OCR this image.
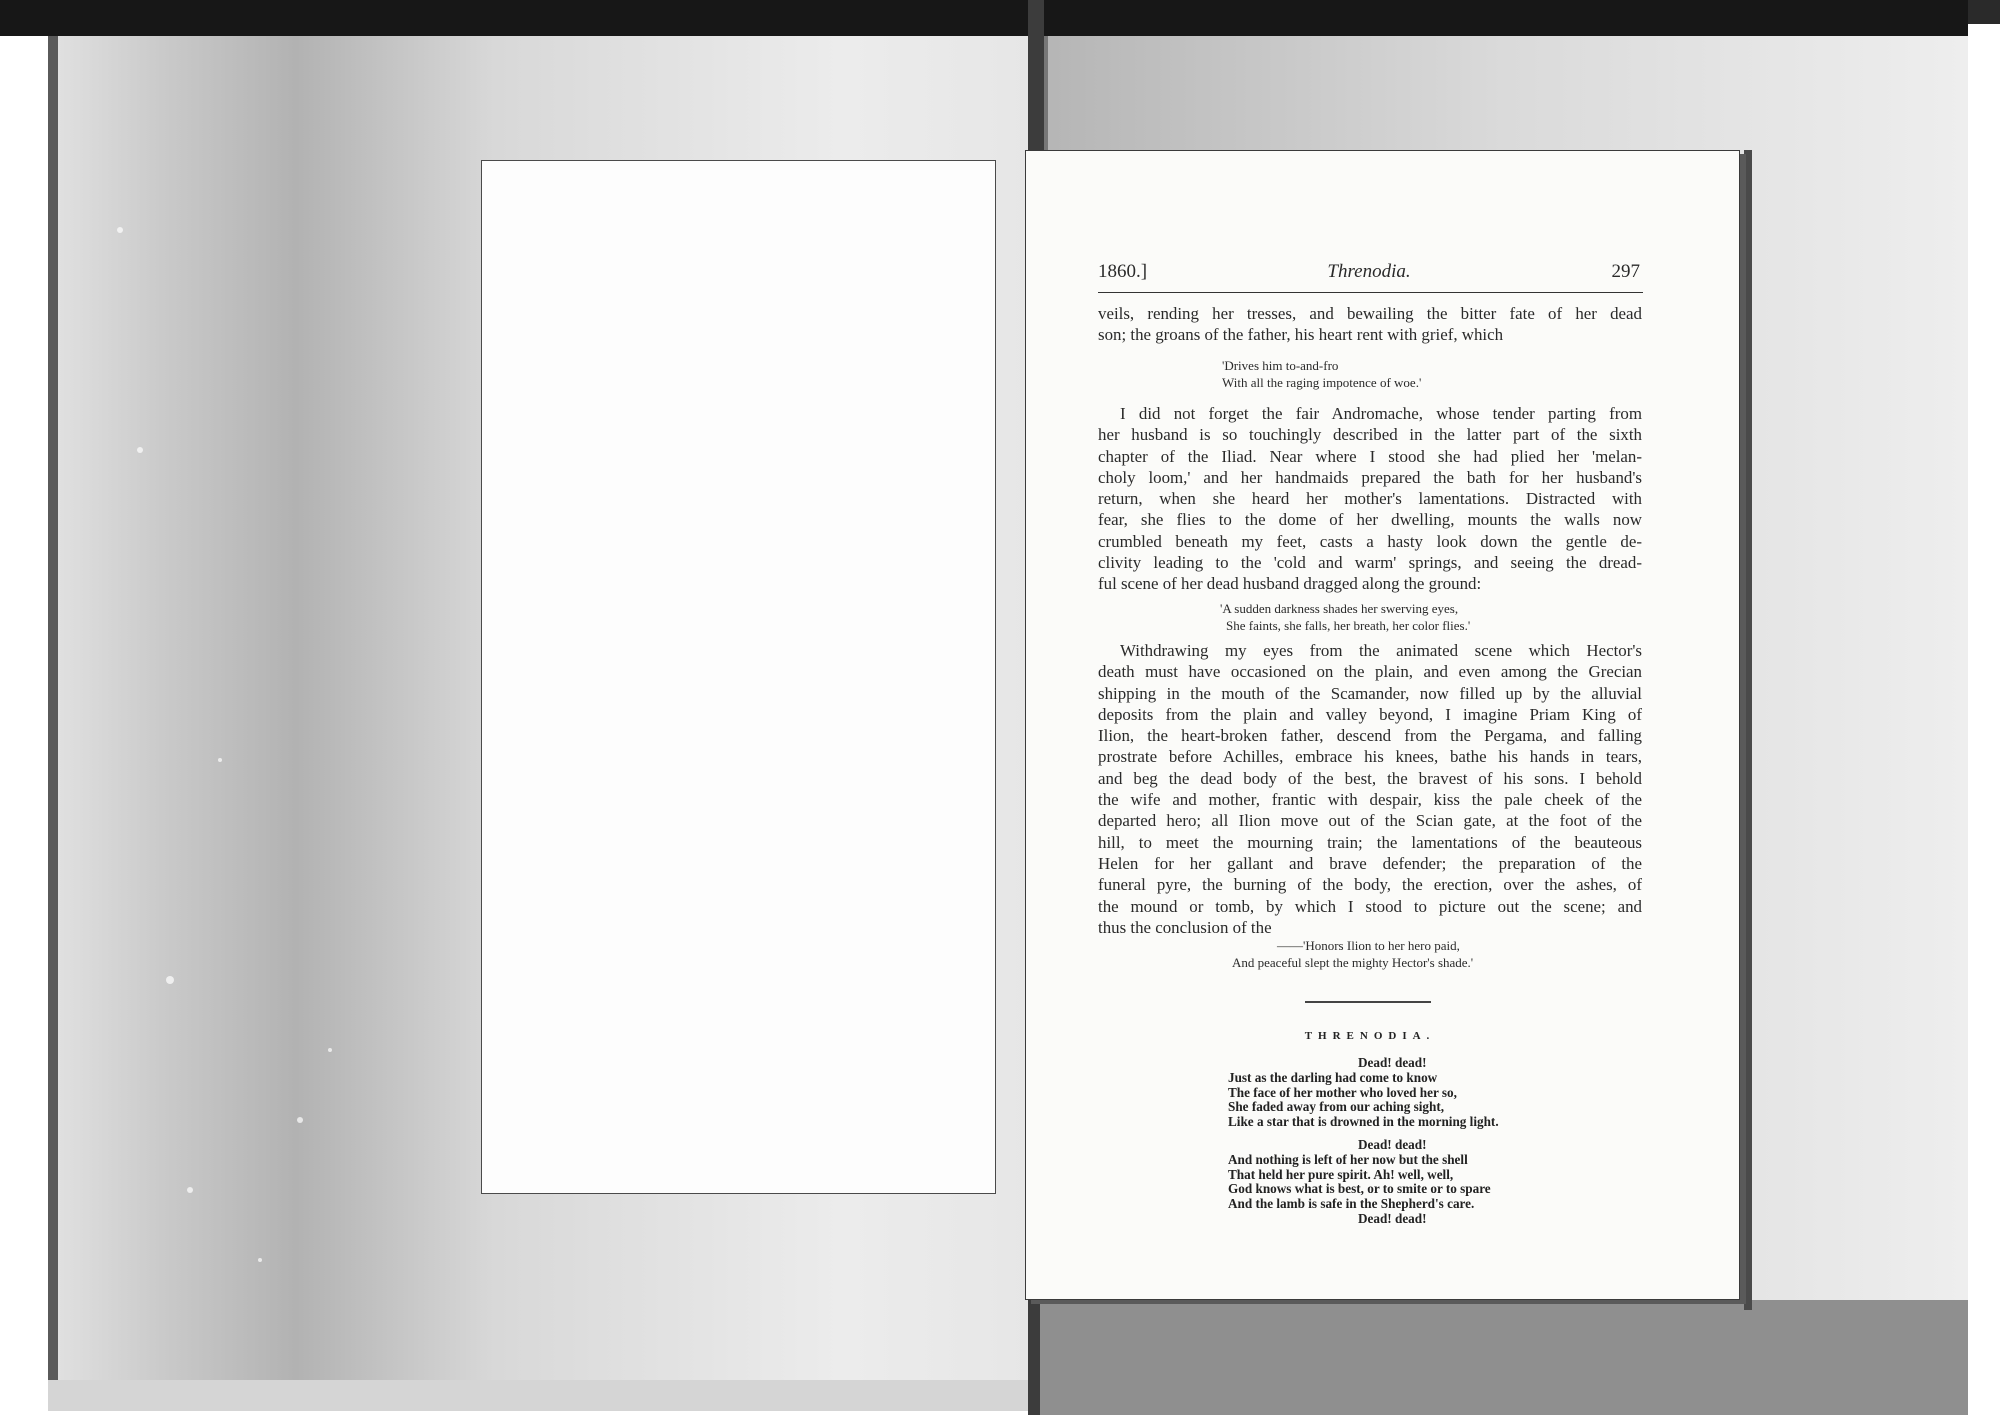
1860.]	Threnodia.	297
veils, rending her tresses, and bewailing the bitter fate of her dead
son; the groans of the father, his heart rent with grief, which
'Drives him to-and-fro
With all the raging impotence of woe.'
I did not forget the fair Andromache, whose tender parting from
her husband is so touchingly described in the latter part of the sixth
chapter of the Iliad. Near where I stood she had plied her 'melan-
choly loom,' and her handmaids prepared the bath for her husband's
return, when she heard her mother's lamentations. Distracted with
fear, she flies to the dome of her dwelling, mounts the walls now
crumbled beneath my feet, casts a hasty look down the gentle de-
clivity leading to the 'cold and warm' springs, and seeing the dread-
ful scene of her dead husband dragged along the ground:
'A sudden darkness shades her swerving eyes,
She faints, she falls, her breath, her color flies.'
Withdrawing my eyes from the animated scene which Hector's
death must have occasioned on the plain, and even among the Grecian
shipping in the mouth of the Scamander, now filled up by the alluvial
deposits from the plain and valley beyond, I imagine Priam King of
Ilion, the heart-broken father, descend from the Pergama, and falling
prostrate before Achilles, embrace his knees, bathe his hands in tears,
and beg the dead body of the best, the bravest of his sons. I behold
the wife and mother, frantic with despair, kiss the pale cheek of the
departed hero; all Ilion move out of the Scian gate, at the foot of the
hill, to meet the mourning train; the lamentations of the beauteous
Helen for her gallant and brave defender; the preparation of the
funeral pyre, the burning of the body, the erection, over the ashes, of
the mound or tomb, by which I stood to picture out the scene; and
thus the conclusion of the
——'Honors Ilion to her hero paid,
And peaceful slept the mighty Hector's shade.'
THRENODIA.
Dead! dead!
Just as the darling had come to know
The face of her mother who loved her so,
She faded away from our aching sight,
Like a star that is drowned in the morning light.
Dead! dead!
And nothing is left of her now but the shell
That held her pure spirit. Ah! well, well,
God knows what is best, or to smite or to spare
And the lamb is safe in the Shepherd's care.
Dead! dead!
